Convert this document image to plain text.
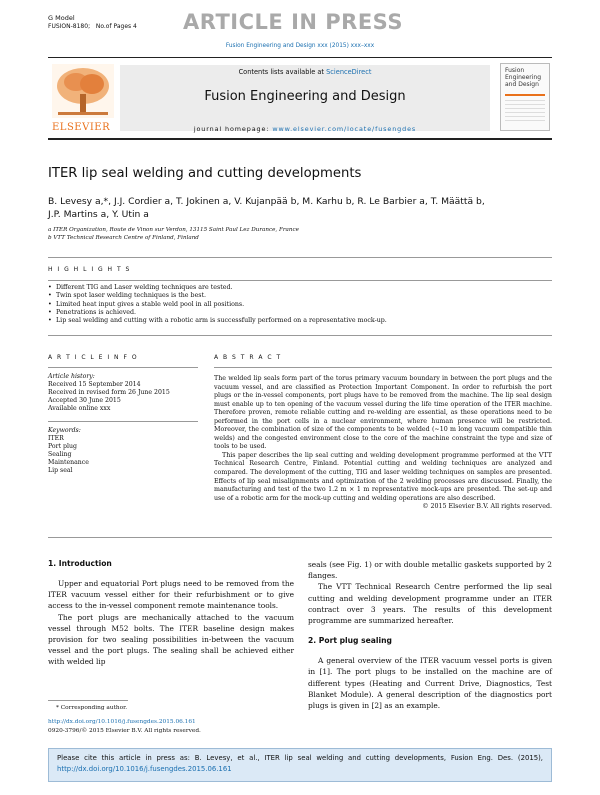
G Model
FUSION-8180; No.of Pages 4 ARTICLE IN PRESS
Fusion Engineering and Design xxx (2015) xxx–xxx
ELSEVIER
Contents lists available at ScienceDirect
Fusion Engineering and Design
journal homepage: www.elsevier.com/locate/fusengdes
Fusion Engineering and Design
ITER lip seal welding and cutting developments
B. Levesy a,*, J.J. Cordier a, T. Jokinen a, V. Kujanpää b, M. Karhu b, R. Le Barbier a, T. Määttä b,
J.P. Martins a, Y. Utin a
a ITER Organization, Route de Vinon sur Verdon, 13115 Saint Paul Lez Durance, France
b VTT Technical Research Centre of Finland, Finland
H I G H L I G H T S
• Different TIG and Laser welding techniques are tested.
• Twin spot laser welding techniques is the best.
• Limited heat input gives a stable weld pool in all positions.
• Penetrations is achieved.
• Lip seal welding and cutting with a robotic arm is successfully performed on a representative mock-up.
A R T I C L E I N F O
Article history:
Received 15 September 2014
Received in revised form 26 June 2015
Accepted 30 June 2015
Available online xxx
Keywords:
ITER
Port plug
Sealing
Maintenance
Lip seal
A B S T R A C T

The welded lip seals form part of the torus primary vacuum boundary in between the port plugs and the vacuum vessel, and are classified as Protection Important Component. In order to refurbish the port plugs or the in-vessel components, port plugs have to be removed from the machine. The lip seal design must enable up to ten opening of the vacuum vessel during the life time operation of the ITER machine. Therefore proven, remote reliable cutting and re-welding are essential, as these operations need to be performed in the port cells in a nuclear environment, where human presence will be restricted. Moreover, the combination of size of the components to be welded (~10 m long vacuum compatible thin welds) and the congested environment close to the core of the machine constraint the type and size of tools to be used.

This paper describes the lip seal cutting and welding development programme performed at the VTT Technical Research Centre, Finland. Potential cutting and welding techniques are analyzed and compared. The development of the cutting, TIG and laser welding techniques on samples are presented. Effects of lip seal misalignments and optimization of the 2 welding processes are discussed. Finally, the manufacturing and test of the two 1.2 m × 1 m representative mock-ups are presented. The set-up and use of a robotic arm for the mock-up cutting and welding operations are also described.

© 2015 Elsevier B.V. All rights reserved.

1. Introduction

Upper and equatorial Port plugs need to be removed from the ITER vacuum vessel either for their refurbishment or to give access to the in-vessel component remote maintenance tools.

The port plugs are mechanically attached to the vacuum vessel through M52 bolts. The ITER baseline design makes provision for two sealing possibilities in-between the vacuum vessel and the port plugs. The sealing shall be achieved either with welded lip

seals (see Fig. 1) or with double metallic gaskets supported by 2 flanges.

The VTT Technical Research Centre performed the lip seal cutting and welding development programme under an ITER contract over 3 years. The results of this development programme are summarized hereafter.

2. Port plug sealing

A general overview of the ITER vacuum vessel ports is given in [1]. The port plugs to be installed on the machine are of different types (Heating and Current Drive, Diagnostics, Test Blanket Module). A general description of the diagnostics port plugs is given in [2] as an example.

* Corresponding author.
http://dx.doi.org/10.1016/j.fusengdes.2015.06.161
0920-3796/© 2015 Elsevier B.V. All rights reserved.
Please cite this article in press as: B. Levesy, et al., ITER lip seal welding and cutting developments, Fusion Eng. Des. (2015), http://dx.doi.org/10.1016/j.fusengdes.2015.06.161
